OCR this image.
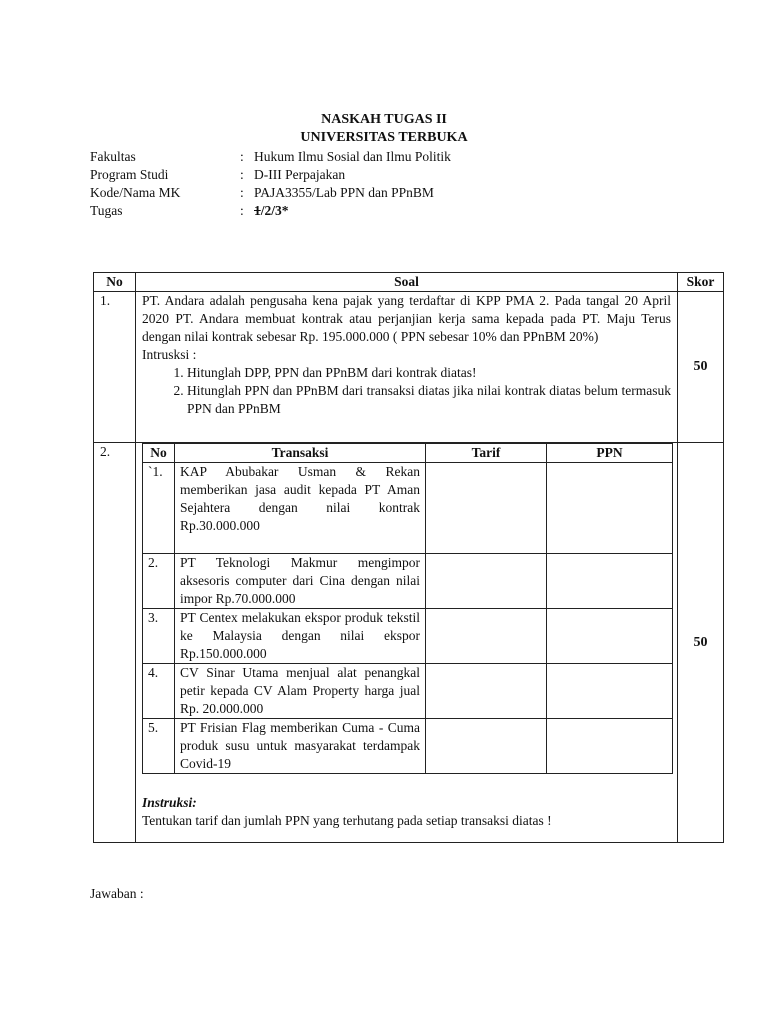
NASKAH TUGAS II
UNIVERSITAS TERBUKA
Fakultas	: Hukum Ilmu Sosial dan Ilmu Politik
Program Studi	: D-III Perpajakan
Kode/Nama MK	: PAJA3355/Lab PPN dan PPnBM
Tugas	: 1/2/3*
No	Soal	Skor
1.	PT. Andara adalah pengusaha kena pajak yang terdaftar di KPP PMA 2. Pada tangal 20 April 2020 PT. Andara membuat kontrak atau perjanjian kerja sama kepada pada PT. Maju Terus dengan nilai kontrak sebesar Rp. 195.000.000 ( PPN sebesar 10% dan PPnBM 20%)
Intrusksi :
1. Hitunglah DPP, PPN dan PPnBM dari kontrak diatas!
2. Hitunglah PPN dan PPnBM dari transaksi diatas jika nilai kontrak diatas belum termasuk PPN dan PPnBM
	50
2.		No	Transaksi	Tarif	PPN
`1.	KAP Abubakar Usman & Rekan memberikan jasa audit kepada PT Aman Sejahtera dengan nilai kontrak Rp.30.000.000		
2.	PT Teknologi Makmur mengimpor aksesoris computer dari Cina dengan nilai impor Rp.70.000.000		
3.	PT Centex melakukan ekspor produk tekstil ke Malaysia dengan nilai ekspor Rp.150.000.000		
4.	CV Sinar Utama menjual alat penangkal petir kepada CV Alam Property harga jual Rp. 20.000.000		
5.	PT Frisian Flag memberikan Cuma - Cuma produk susu untuk masyarakat terdampak Covid-19		
Instruksi:
Tentukan tarif dan jumlah PPN yang terhutang pada setiap transaksi diatas !
	50
Jawaban :
